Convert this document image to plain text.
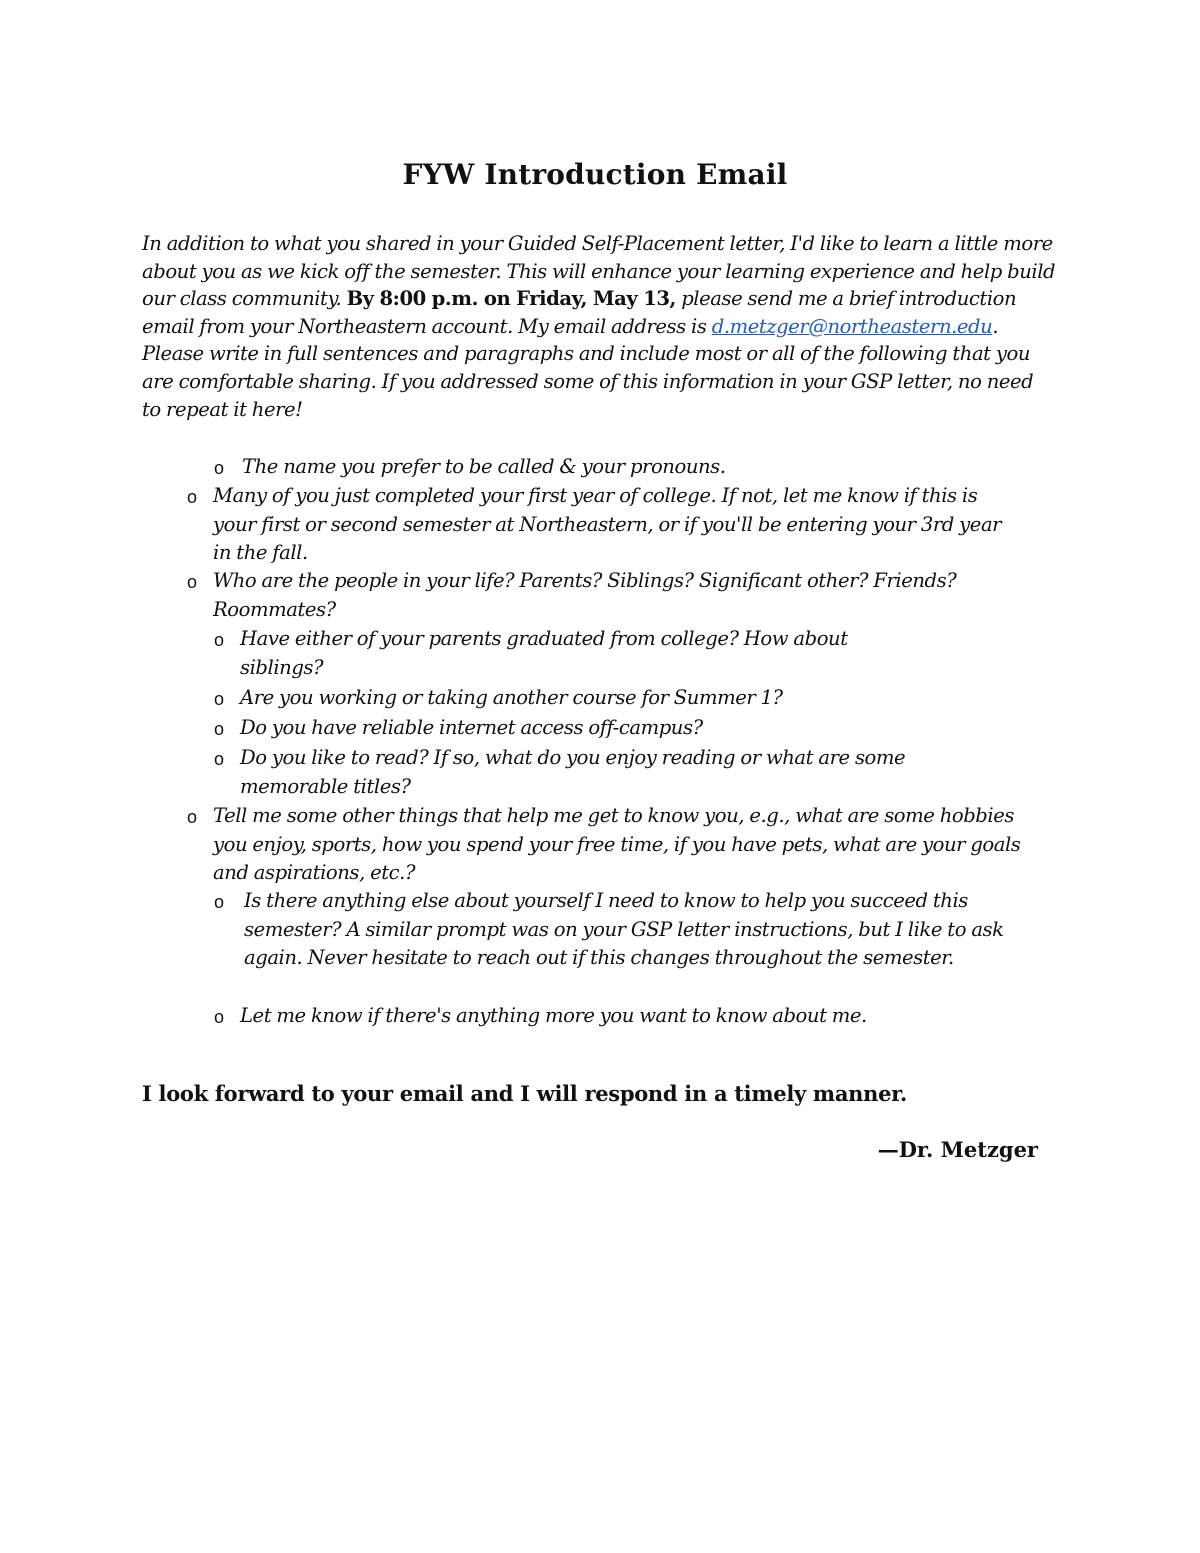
FYW Introduction Email
In addition to what you shared in your Guided Self-Placement letter, I'd like to learn a little more about you as we kick off the semester. This will enhance your learning experience and help build our class community. By 8:00 p.m. on Friday, May 13, please send me a brief introduction email from your Northeastern account. My email address is d.metzger@northeastern.edu. Please write in full sentences and paragraphs and include most or all of the following that you are comfortable sharing. If you addressed some of this information in your GSP letter, no need to repeat it here!
o The name you prefer to be called & your pronouns.
o Many of you just completed your first year of college. If not, let me know if this is your first or second semester at Northeastern, or if you'll be entering your 3rd year in the fall.
o Who are the people in your life? Parents? Siblings? Significant other? Friends? Roommates?
o Have either of your parents graduated from college? How about siblings?
o Are you working or taking another course for Summer 1?
o Do you have reliable internet access off-campus?
o Do you like to read? If so, what do you enjoy reading or what are some memorable titles?
o Tell me some other things that help me get to know you, e.g., what are some hobbies you enjoy, sports, how you spend your free time, if you have pets, what are your goals and aspirations, etc.?
o	Is there anything else about yourself I need to know to help you succeed this semester? A similar prompt was on your GSP letter instructions, but I like to ask again. Never hesitate to reach out if this changes throughout the semester.
o Let me know if there's anything more you want to know about me.
I look forward to your email and I will respond in a timely manner.
—Dr. Metzger
